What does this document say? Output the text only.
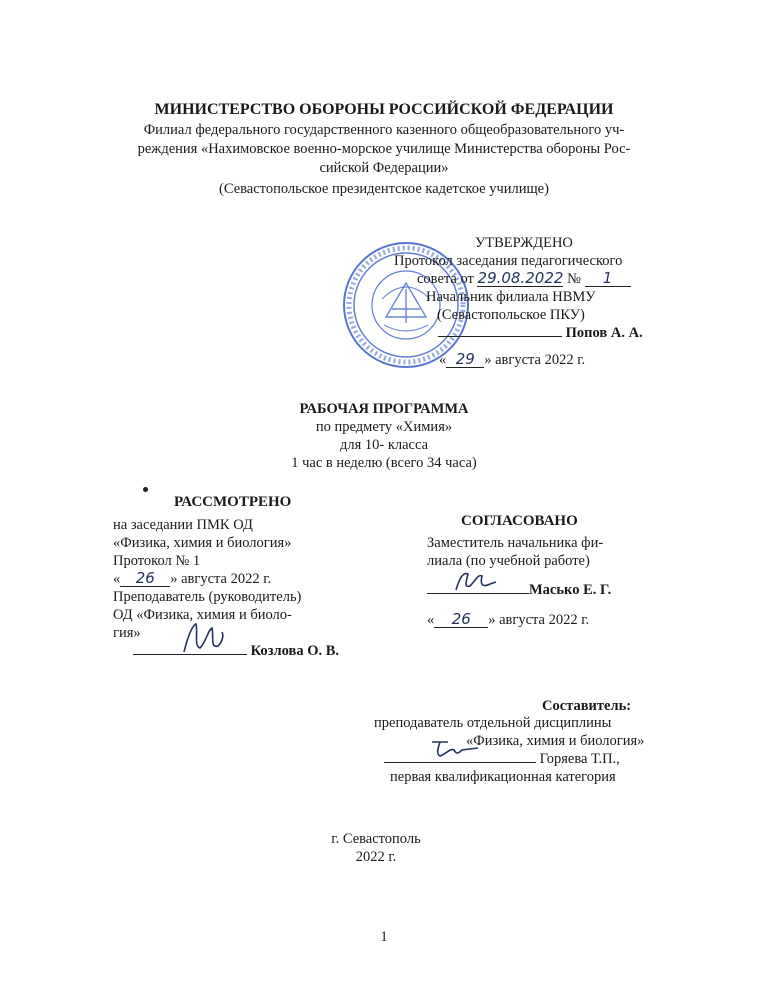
МИНИСТЕРСТВО ОБОРОНЫ РОССИЙСКОЙ ФЕДЕРАЦИИ
Филиал федерального государственного казенного общеобразовательного уч-
реждения «Нахимовское военно-морское училище Министерства обороны Рос-
сийской Федерации»
(Севастопольское президентское кадетское училище)
УТВЕРЖДЕНО
Протокол заседания педагогического
совета от 29.08.2022 № 1
Начальник филиала НВМУ
(Севастопольское ПКУ)
Попов А. А.
« 29 » августа 2022 г.
РАБОЧАЯ ПРОГРАММА
по предмету «Химия»
для 10- класса
1 час в неделю (всего 34 часа)
РАССМОТРЕНО
на заседании ПМК ОД
«Физика, химия и биология»
Протокол № 1
« 26 » августа 2022 г.
Преподаватель (руководитель)
ОД «Физика, химия и биоло-
гия»
Козлова О. В.
СОГЛАСОВАНО
Заместитель начальника фи-
лиала (по учебной работе)
Масько Е. Г.
« 26 » августа 2022 г.
Составитель:
преподаватель отдельной дисциплины
«Физика, химия и биология»
Горяева Т.П.,
первая квалификационная категория
г. Севастополь
2022 г.
1
